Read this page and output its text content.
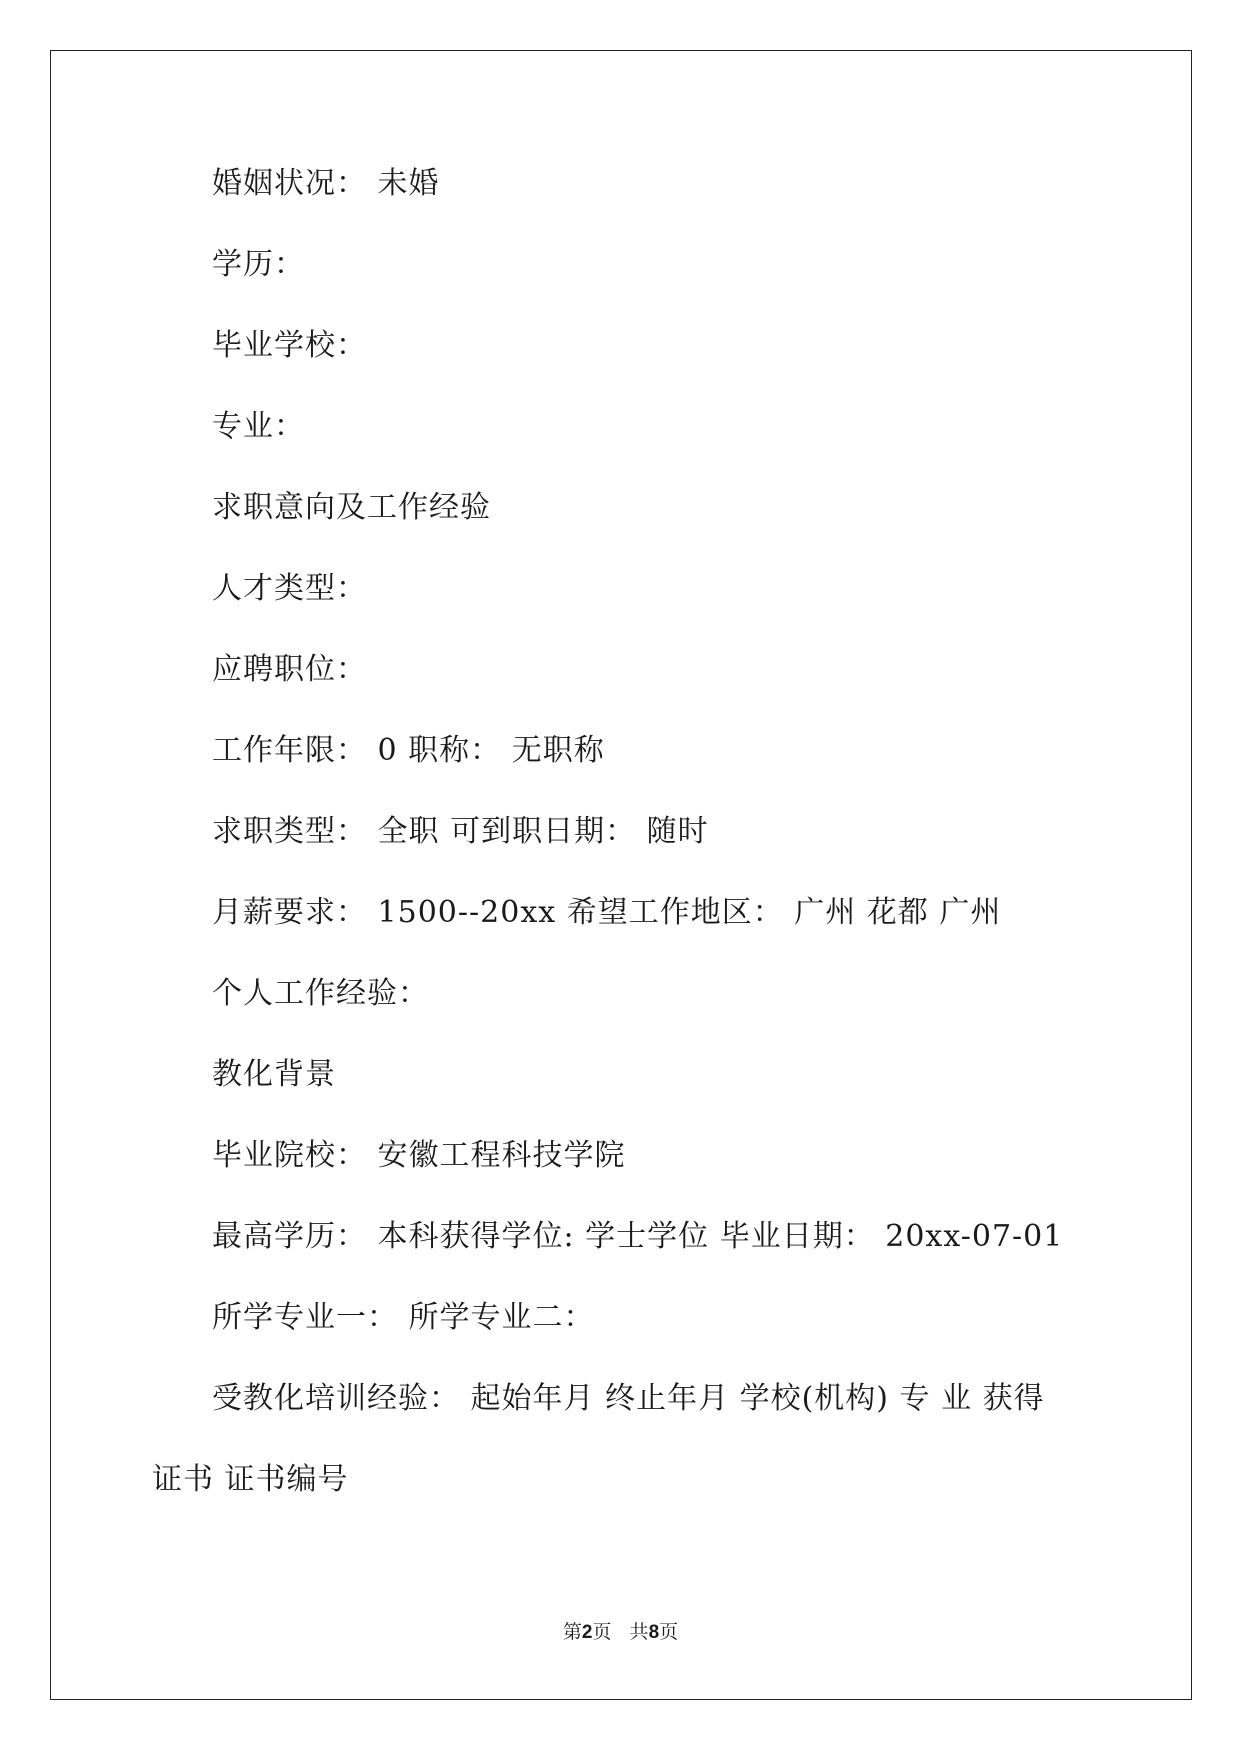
婚姻状况： 未婚
学历：
毕业学校：
专业：
求职意向及工作经验
人才类型：
应聘职位：
工作年限： 0 职称： 无职称
求职类型： 全职 可到职日期： 随时
月薪要求： 1500--20xx 希望工作地区： 广州 花都 广州
个人工作经验：
教化背景
毕业院校： 安徽工程科技学院
最高学历： 本科获得学位: 学士学位 毕业日期： 20xx-07-01
所学专业一： 所学专业二：
受教化培训经验： 起始年月 终止年月 学校(机构) 专 业 获得
证书 证书编号
第2页   共8页
